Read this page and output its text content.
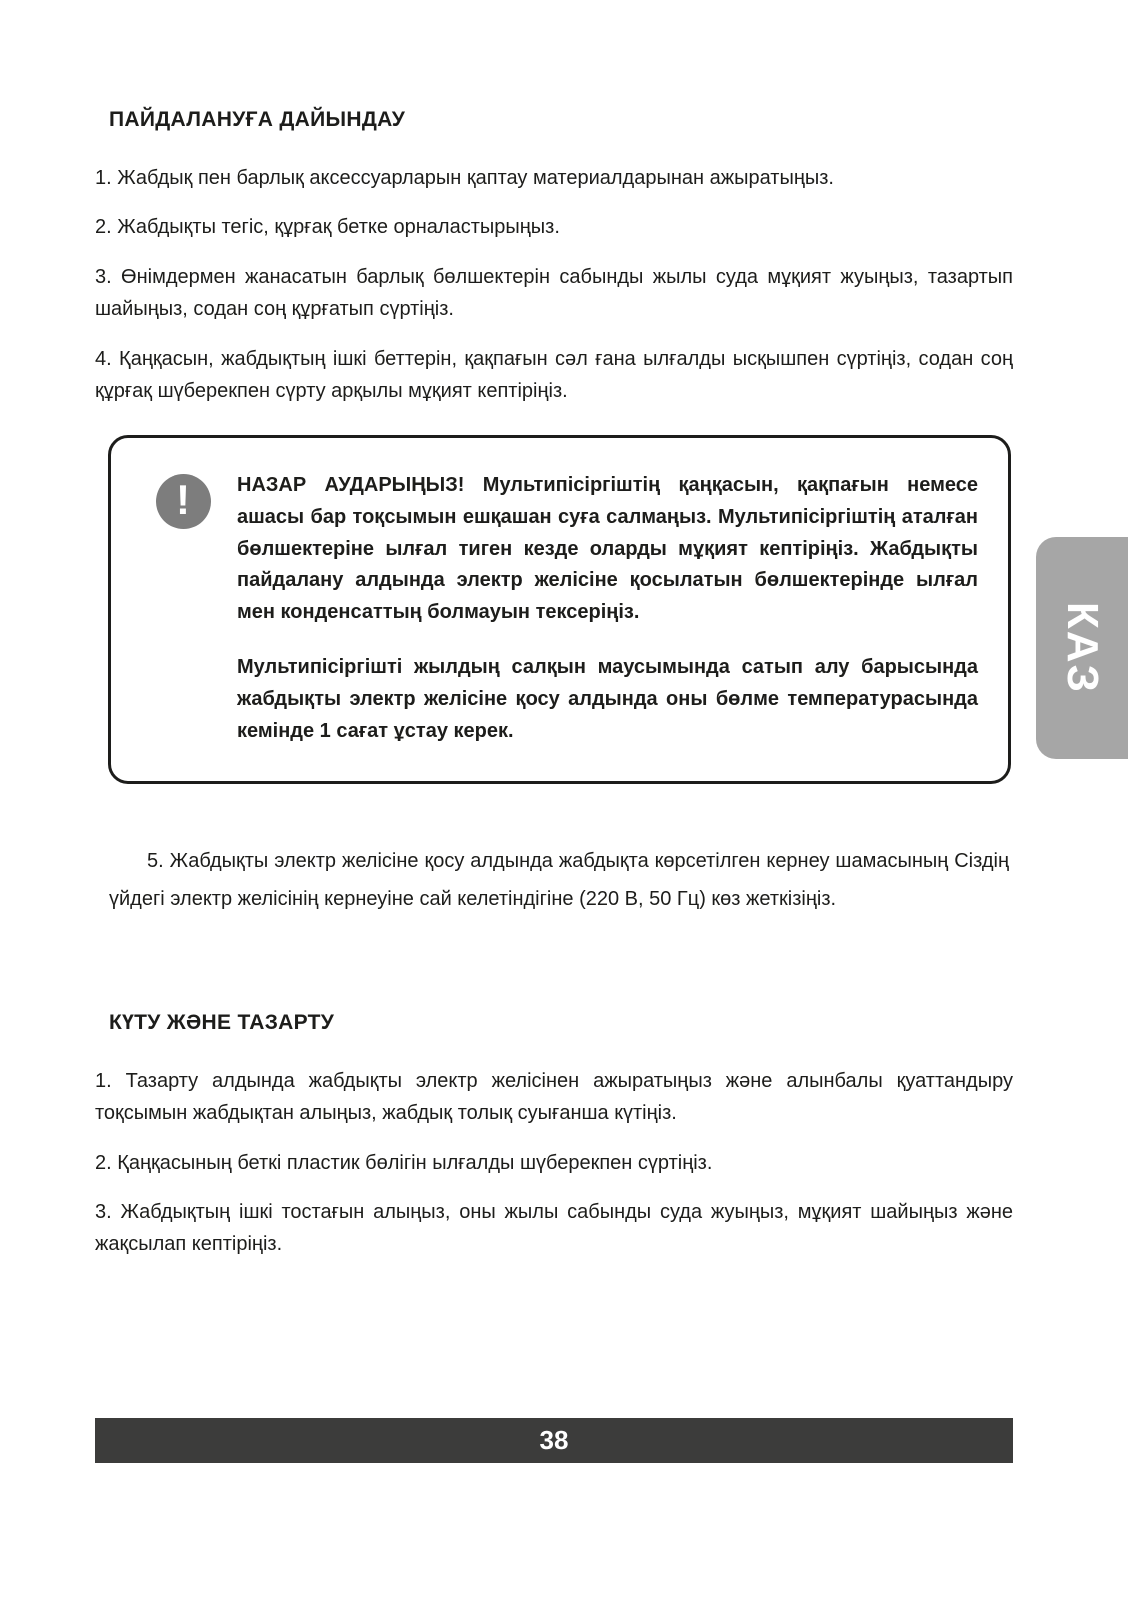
ПАЙДАЛАНУҒА ДАЙЫНДАУ

1. Жабдық пен барлық аксессуарларын қаптау материалдарынан ажыратыңыз.

2. Жабдықты тегіс, құрғақ бетке орналастырыңыз.

3. Өнімдермен жанасатын барлық бөлшектерін сабынды жылы суда мұқият жуыңыз, тазартып шайыңыз, содан соң құрғатып сүртіңіз.

4. Қаңқасын, жабдықтың ішкі беттерін, қақпағын сәл ғана ылғалды ысқышпен сүртіңіз, содан соң құрғақ шүберекпен сүрту арқылы мұқият кептіріңіз.

!	НАЗАР АУДАРЫҢЫЗ! Мультипісіргіштің қаңқасын, қақпағын немесе ашасы бар тоқсымын ешқашан суға салмаңыз. Мультипісіргіштің аталған бөлшектеріне ылғал тиген кезде оларды мұқият кептіріңіз. Жабдықты пайдалану алдында электр желісіне қосылатын бөлшектерінде ылғал мен конденсаттың болмауын тексеріңіз.

Мультипісіргішті жылдың салқын маусымында сатып алу барысында жабдықты электр желісіне қосу алдында оны бөлме температурасында кемінде 1 сағат ұстау керек.

5. Жабдықты электр желісіне қосу алдында жабдықта көрсетілген кернеу шамасының Сіздің үйдегі электр желісінің кернеуіне сай келетіндігіне (220 В, 50 Гц) көз жеткізіңіз.

КҮТУ ЖӘНЕ ТАЗАРТУ

1. Тазарту алдында жабдықты электр желісінен ажыратыңыз және алынбалы қуаттандыру тоқсымын жабдықтан алыңыз, жабдық толық суығанша күтіңіз.

2. Қаңқасының беткі пластик бөлігін ылғалды шүберекпен сүртіңіз.

3. Жабдықтың ішкі тостағын алыңыз, оны жылы сабынды суда жуыңыз, мұқият шайыңыз және жақсылап кептіріңіз.

КАЗ
38
